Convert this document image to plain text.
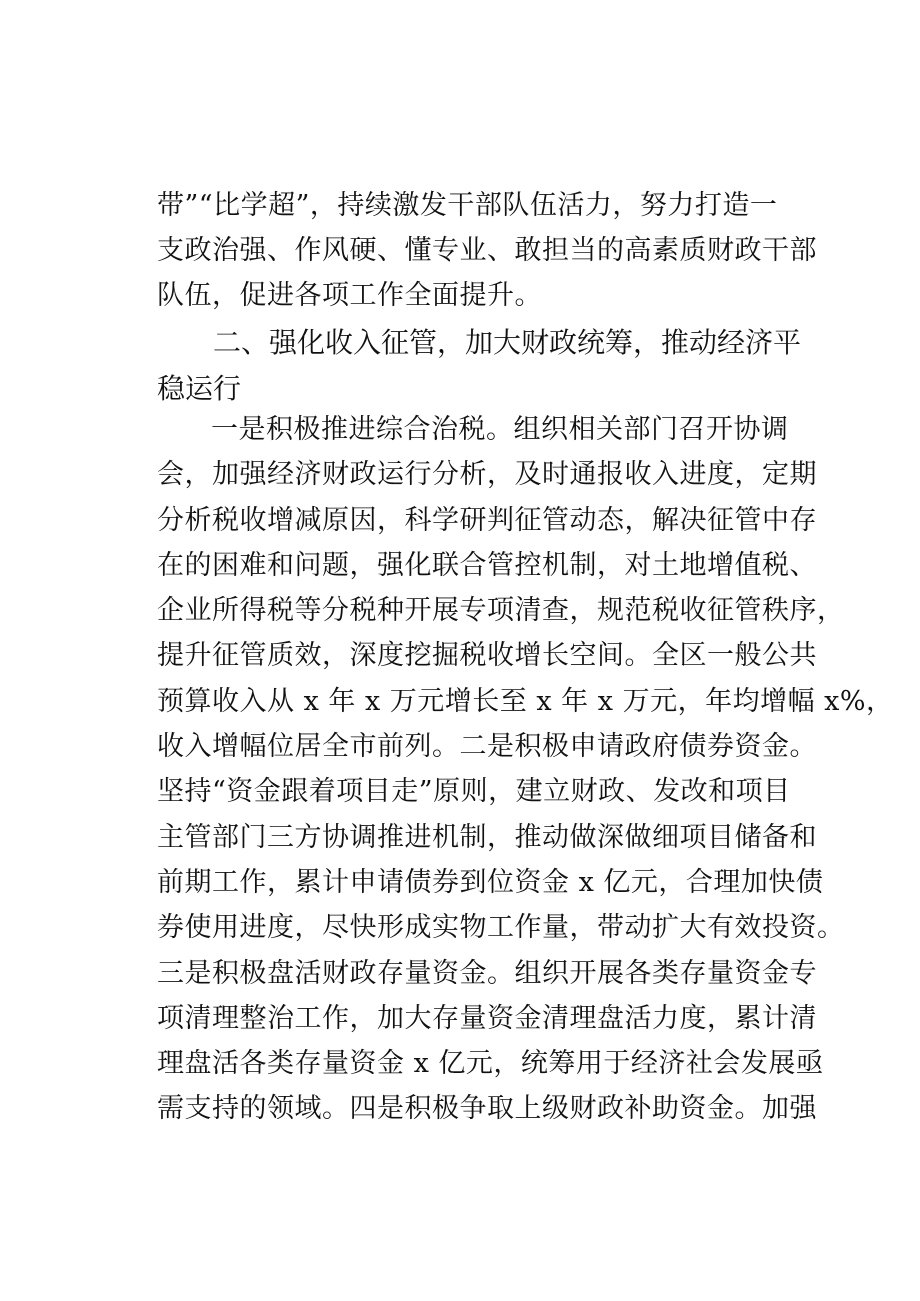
带”“比学超”，持续激发干部队伍活力，努力打造一
支政治强、作风硬、懂专业、敢担当的高素质财政干部
队伍，促进各项工作全面提升。
二、强化收入征管，加大财政统筹，推动经济平
稳运行
一是积极推进综合治税。组织相关部门召开协调
会，加强经济财政运行分析，及时通报收入进度，定期
分析税收增减原因，科学研判征管动态，解决征管中存
在的困难和问题，强化联合管控机制，对土地增值税、
企业所得税等分税种开展专项清查，规范税收征管秩序，
提升征管质效，深度挖掘税收增长空间。全区一般公共
预算收入从 x 年 x 万元增长至 x 年 x 万元，年均增幅 x%，
收入增幅位居全市前列。二是积极申请政府债券资金。
坚持“资金跟着项目走”原则，建立财政、发改和项目
主管部门三方协调推进机制，推动做深做细项目储备和
前期工作，累计申请债券到位资金 x 亿元，合理加快债
券使用进度，尽快形成实物工作量，带动扩大有效投资。
三是积极盘活财政存量资金。组织开展各类存量资金专
项清理整治工作，加大存量资金清理盘活力度，累计清
理盘活各类存量资金 x 亿元，统筹用于经济社会发展亟
需支持的领域。四是积极争取上级财政补助资金。加强
